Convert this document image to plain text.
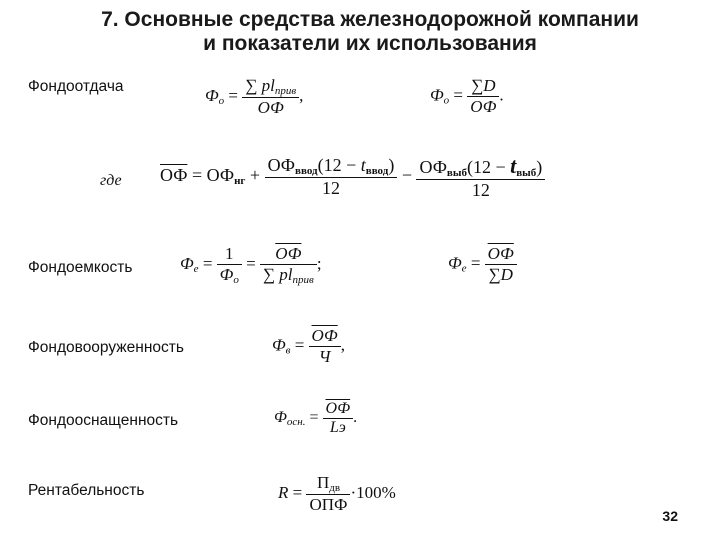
7. Основные средства железнодорожной компании
и показатели их использования
Фондоотдача	$Ф_о = \frac{\sum pl_{прив}}{ОФ}$ ,	$Ф_о = \frac{\sum D}{ОФ}$ .
где ОФ = $ОФ_{нг} + \frac{ОФ_{ввод}(12 - t_{ввод})}{12} - \frac{ОФ_{выб}(12 - t_{выб})}{12}$
Фондоемкость	$Ф_е = \frac{1}{Ф_о} = \frac{ОФ}{\sum pl_{прив}}$ ;	$Ф_е = \frac{ОФ}{\sum D}$
Фондовооруженность	$Ф_в = \frac{ОФ}{Ч}$ ,
Фондооснащенность	$Ф_{осн.} = \frac{ОФ}{Lэ}$ .
Рентабельность	$R = \frac{П_{дв}}{\text{ОПФ}} \cdot 100\%$
32
